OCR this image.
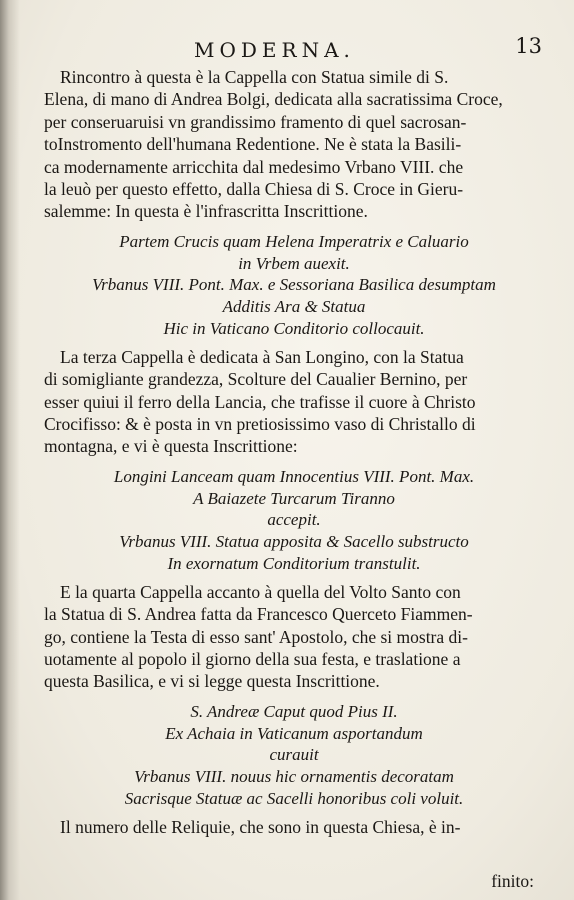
MODERNA.	13

Rincontro à questa è la Cappella con Statua simile di S.
Elena, di mano di Andrea Bolgi, dedicata alla sacratissima Croce,
per conseruaruisi vn grandissimo framento di quel sacrosan-
toInstromento dell'humana Redentione. Ne è stata la Basili-
ca modernamente arricchita dal medesimo Vrbano VIII. che
la leuò per questo effetto, dalla Chiesa di S. Croce in Gieru-
salemme: In questa è l'infrascritta Inscrittione.

Partem Crucis quam Helena Imperatrix e Caluario
in Vrbem auexit.
Vrbanus VIII. Pont. Max. e Sessoriana Basilica desumptam
Additis Ara & Statua
Hic in Vaticano Conditorio collocauit.

La terza Cappella è dedicata à San Longino, con la Statua
di somigliante grandezza, Scolture del Caualier Bernino, per
esser quiui il ferro della Lancia, che trafisse il cuore à Christo
Crocifisso: & è posta in vn pretiosissimo vaso di Christallo di
montagna, e vi è questa Inscrittione:

Longini Lanceam quam Innocentius VIII. Pont. Max.
A Baiazete Turcarum Tiranno
accepit.
Vrbanus VIII. Statua apposita & Sacello substructo
In exornatum Conditorium transtulit.

E la quarta Cappella accanto à quella del Volto Santo con
la Statua di S. Andrea fatta da Francesco Querceto Fiammen-
go, contiene la Testa di esso sant' Apostolo, che si mostra di-
uotamente al popolo il giorno della sua festa, e traslatione a
questa Basilica, e vi si legge questa Inscrittione.

S. Andreæ Caput quod Pius II.
Ex Achaia in Vaticanum asportandum
curauit
Vrbanus VIII. nouus hic ornamentis decoratam
Sacrisque Statuæ ac Sacelli honoribus coli voluit.

Il numero delle Reliquie, che sono in questa Chiesa, è in-

finito:
